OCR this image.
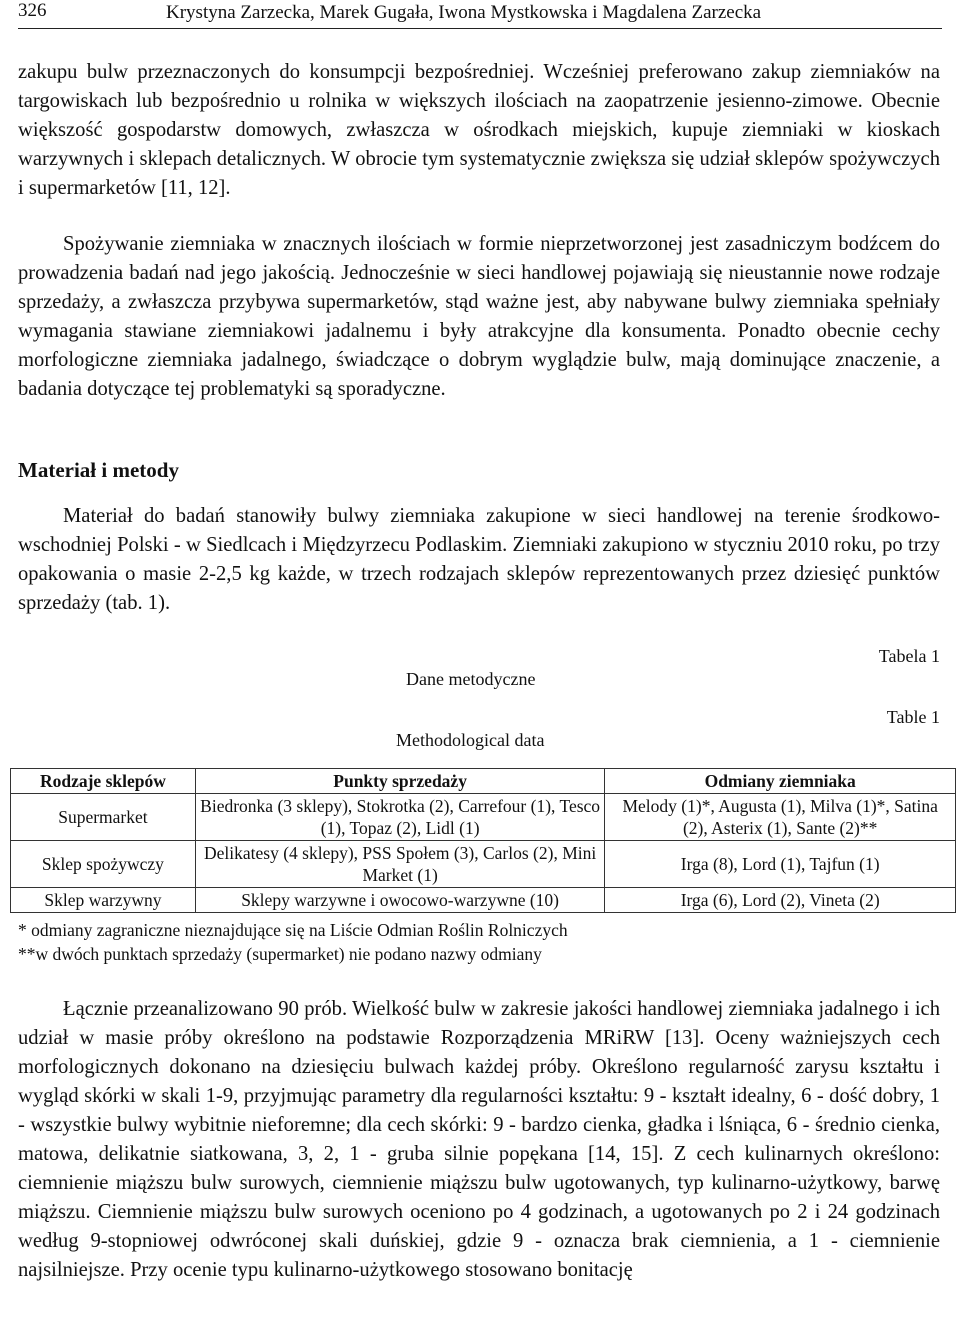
326	Krystyna Zarzecka, Marek Gugała, Iwona Mystkowska i Magdalena Zarzecka

zakupu bulw przeznaczonych do konsumpcji bezpośredniej. Wcześniej preferowano zakup ziemniaków na targowiskach lub bezpośrednio u rolnika w większych ilościach na zaopatrzenie jesienno-zimowe. Obecnie większość gospodarstw domowych, zwłaszcza w ośrodkach miejskich, kupuje ziemniaki w kioskach warzywnych i sklepach detalicznych. W obrocie tym systematycznie zwiększa się udział sklepów spożywczych i supermarketów [11, 12].

Spożywanie ziemniaka w znacznych ilościach w formie nieprzetworzonej jest zasadniczym bodźcem do prowadzenia badań nad jego jakością. Jednocześnie w sieci handlowej pojawiają się nieustannie nowe rodzaje sprzedaży, a zwłaszcza przybywa supermarketów, stąd ważne jest, aby nabywane bulwy ziemniaka spełniały wymagania stawiane ziemniakowi jadalnemu i były atrakcyjne dla konsumenta. Ponadto obecnie cechy morfologiczne ziemniaka jadalnego, świadczące o dobrym wyglądzie bulw, mają dominujące znaczenie, a badania dotyczące tej problematyki są sporadyczne.

Materiał i metody

Materiał do badań stanowiły bulwy ziemniaka zakupione w sieci handlowej na terenie środkowo-wschodniej Polski - w Siedlcach i Międzyrzecu Podlaskim. Ziemniaki zakupiono w styczniu 2010 roku, po trzy opakowania o masie 2-2,5 kg każde, w trzech rodzajach sklepów reprezentowanych przez dziesięć punktów sprzedaży (tab. 1).

Tabela 1
Dane metodyczne
Table 1
Methodological data
Rodzaje sklepów	Punkty sprzedaży	Odmiany ziemniaka
Supermarket	Biedronka (3 sklepy), Stokrotka (2), Carrefour (1), Tesco (1), Topaz (2), Lidl (1)	Melody (1)*, Augusta (1), Milva (1)*, Satina (2), Asterix (1), Sante (2)**
Sklep spożywczy	Delikatesy (4 sklepy), PSS Społem (3), Carlos (2), Mini Market (1)	Irga (8), Lord (1), Tajfun (1)
Sklep warzywny	Sklepy warzywne i owocowo-warzywne (10)	Irga (6), Lord (2), Vineta (2)
* odmiany zagraniczne nieznajdujące się na Liście Odmian Roślin Rolniczych
**w dwóch punktach sprzedaży (supermarket) nie podano nazwy odmiany

Łącznie przeanalizowano 90 prób. Wielkość bulw w zakresie jakości handlowej ziemniaka jadalnego i ich udział w masie próby określono na podstawie Rozporządzenia MRiRW [13]. Oceny ważniejszych cech morfologicznych dokonano na dziesięciu bulwach każdej próby. Określono regularność zarysu kształtu i wygląd skórki w skali 1-9, przyjmując parametry dla regularności kształtu: 9 - kształt idealny, 6 - dość dobry, 1 - wszystkie bulwy wybitnie nieforemne; dla cech skórki: 9 - bardzo cienka, gładka i lśniąca, 6 - średnio cienka, matowa, delikatnie siatkowana, 3, 2, 1 - gruba silnie popękana [14, 15]. Z cech kulinarnych określono: ciemnienie miąższu bulw surowych, ciemnienie miąższu bulw ugotowanych, typ kulinarno-użytkowy, barwę miąższu. Ciemnienie miąższu bulw surowych oceniono po 4 godzinach, a ugotowanych po 2 i 24 godzinach według 9-stopniowej odwróconej skali duńskiej, gdzie 9 - oznacza brak ciemnienia, a 1 - ciemnienie najsilniejsze. Przy ocenie typu kulinarno-użytkowego stosowano bonitację
